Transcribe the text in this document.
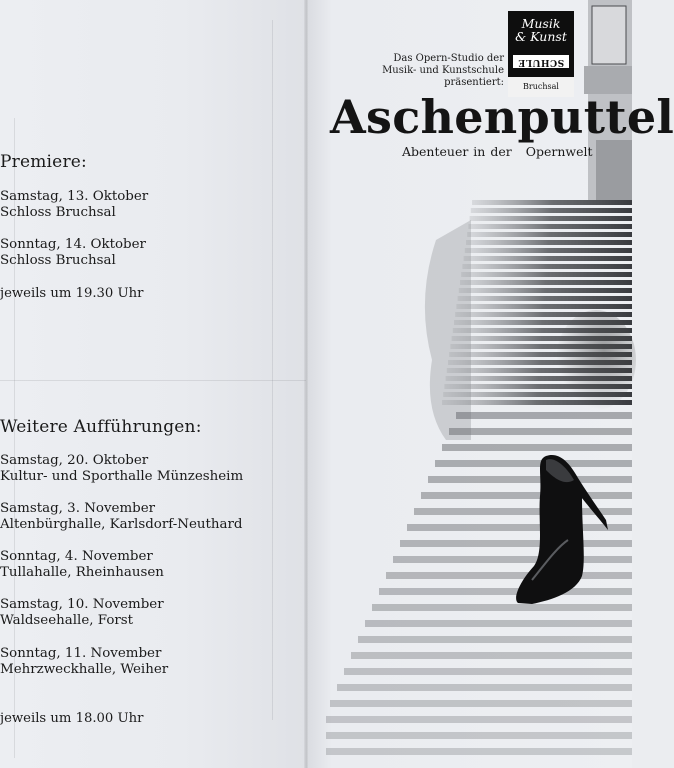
Premiere:
Samstag, 13. Oktober
Schloss Bruchsal
Sonntag, 14. Oktober
Schloss Bruchsal
jeweils um 19.30 Uhr
Weitere Aufführungen:
Samstag, 20. Oktober
Kultur- und Sporthalle Münzesheim
Samstag, 3. November
Altenbürghalle, Karlsdorf-Neuthard
Sonntag, 4. November
Tullahalle, Rheinhausen
Samstag, 10. November
Waldseehalle, Forst
Sonntag, 11. November
Mehrzweckhalle, Weiher
jeweils um 18.00 Uhr
Das Opern-Studio der
Musik- und Kunstschule
präsentiert:
Musik
& Kunst
SCHULE
Bruchsal
Aschenputtel
Abenteuer in der Opernwelt
